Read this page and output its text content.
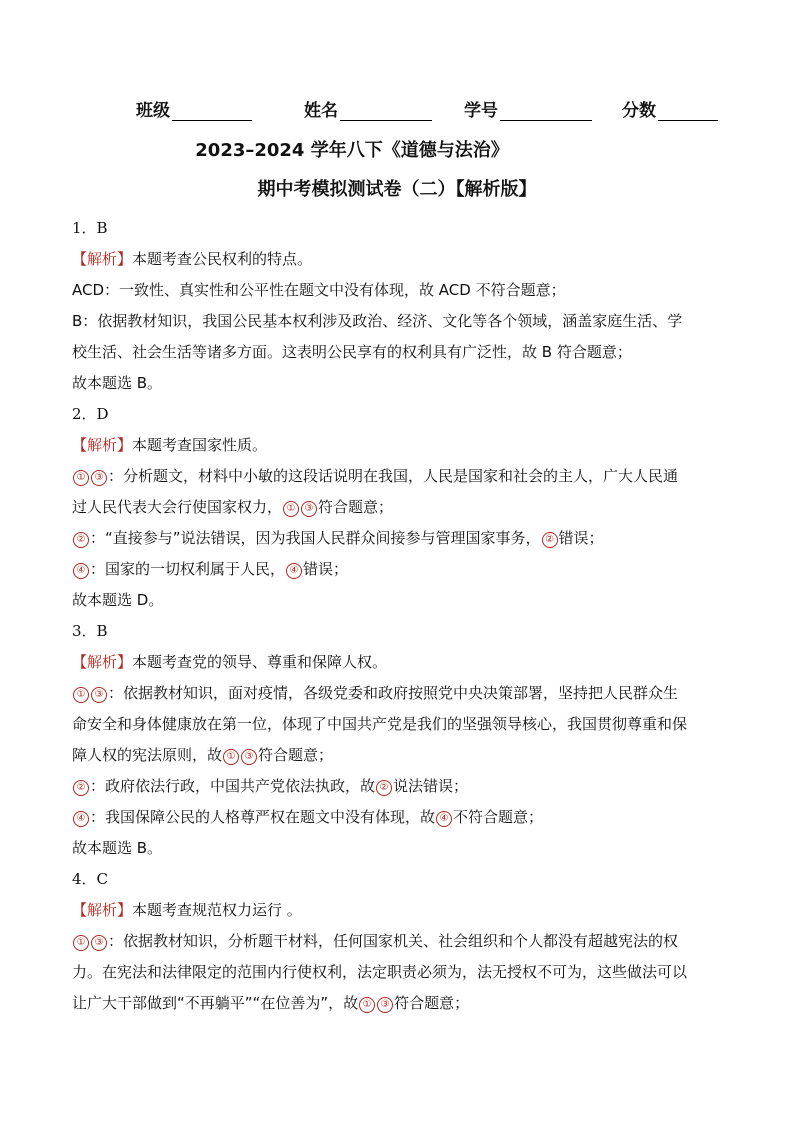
班级	姓名	学号	分数
2023–2024 学年八下《道德与法治》
期中考模拟测试卷（二）【解析版】
1．B
【解析】本题考查公民权利的特点。
ACD：一致性、真实性和公平性在题文中没有体现，故 ACD 不符合题意；
B：依据教材知识，我国公民基本权利涉及政治、经济、文化等各个领域，涵盖家庭生活、学
校生活、社会生活等诸多方面。这表明公民享有的权利具有广泛性，故 B 符合题意；
故本题选 B。
2．D
【解析】本题考查国家性质。
① ③ ：分析题文，材料中小敏的这段话说明在我国，人民是国家和社会的主人，广大人民通
过人民代表大会行使国家权力， ① ③ 符合题意；
② ：“直接参与”说法错误，因为我国人民群众间接参与管理国家事务， ② 错误；
④ ：国家的一切权利属于人民， ④ 错误；
故本题选 D。
3．B
【解析】本题考查党的领导、尊重和保障人权。
① ③ ：依据教材知识，面对疫情，各级党委和政府按照党中央决策部署，坚持把人民群众生
命安全和身体健康放在第一位，体现了中国共产党是我们的坚强领导核心，我国贯彻尊重和保
障人权的宪法原则，故 ① ③ 符合题意；
② ：政府依法行政，中国共产党依法执政，故 ② 说法错误；
④ ：我国保障公民的人格尊严权在题文中没有体现，故 ④ 不符合题意；
故本题选 B。
4．C
【解析】本题考查规范权力运行 。
① ③ ：依据教材知识，分析题干材料，任何国家机关、社会组织和个人都没有超越宪法的权
力。在宪法和法律限定的范围内行使权利，法定职责必须为，法无授权不可为，这些做法可以
让广大干部做到“不再躺平”“在位善为”，故 ① ③ 符合题意；
